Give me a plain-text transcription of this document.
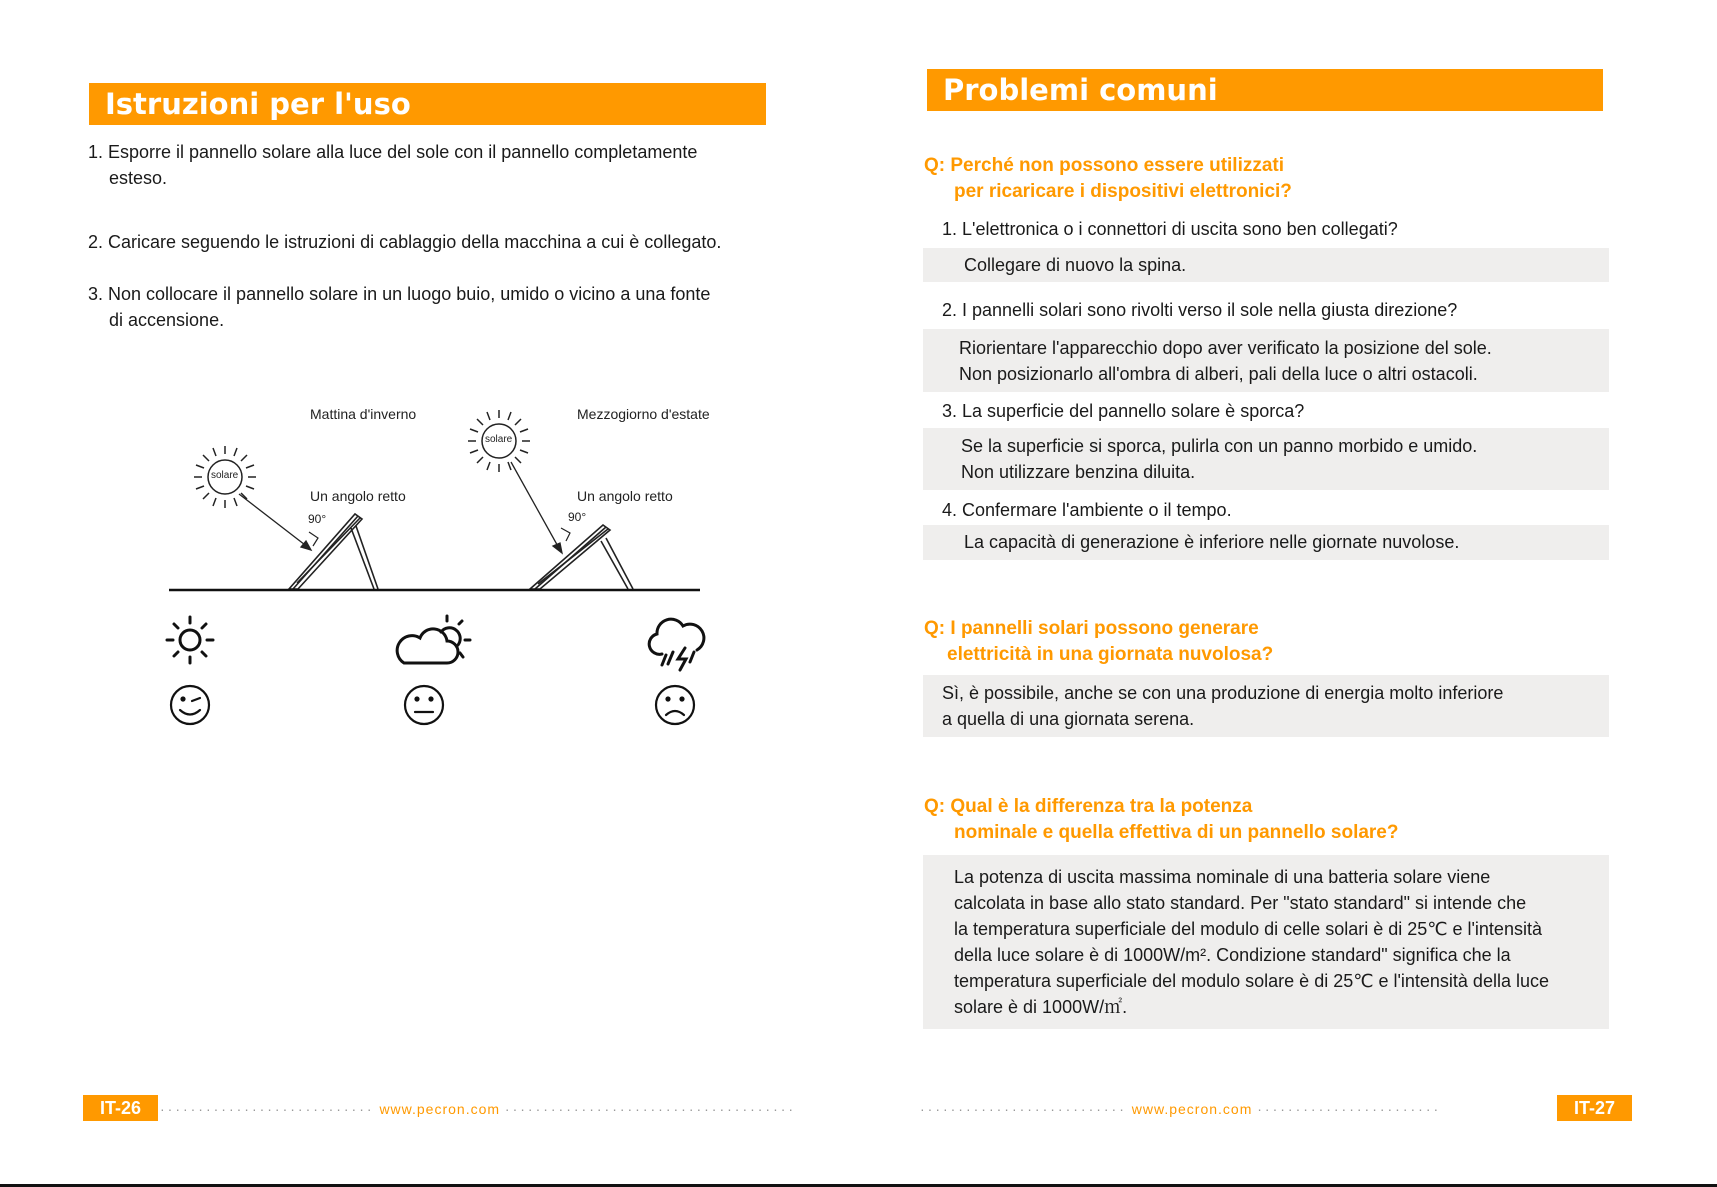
Istruzioni per l'uso
1. Esporre il pannello solare alla luce del sole con il pannello completamente
esteso.
2. Caricare seguendo le istruzioni di cablaggio della macchina a cui è collegato.
3. Non collocare il pannello solare in un luogo buio, umido o vicino a una fonte
di accensione.
Mattina d'inverno	Mezzogiorno d'estate
Un angolo retto	Un angolo retto
90°	90°
solare
solare
IT-26	···························· www.pecron.com ······································
Problemi comuni
Q: Perché non possono essere utilizzati
per ricaricare i dispositivi elettronici?
1. L'elettronica o i connettori di uscita sono ben collegati?
Collegare di nuovo la spina.
2. I pannelli solari sono rivolti verso il sole nella giusta direzione?
Riorientare l'apparecchio dopo aver verificato la posizione del sole.
Non posizionarlo all'ombra di alberi, pali della luce o altri ostacoli.
3. La superficie del pannello solare è sporca?
Se la superficie si sporca, pulirla con un panno morbido e umido.
Non utilizzare benzina diluita.
4. Confermare l'ambiente o il tempo.
La capacità di generazione è inferiore nelle giornate nuvolose.
Q: I pannelli solari possono generare
elettricità in una giornata nuvolosa?
Sì, è possibile, anche se con una produzione di energia molto inferiore
a quella di una giornata serena.
Q: Qual è la differenza tra la potenza
nominale e quella effettiva di un pannello solare?
La potenza di uscita massima nominale di una batteria solare viene
calcolata in base allo stato standard. Per "stato standard" si intende che
la temperatura superficiale del modulo di celle solari è di 25℃ e l'intensità
della luce solare è di 1000W/m². Condizione standard" significa che la
temperatura superficiale del modulo solare è di 25℃ e l'intensità della luce
solare è di 1000W/㎡.
··························· www.pecron.com ························	IT-27
